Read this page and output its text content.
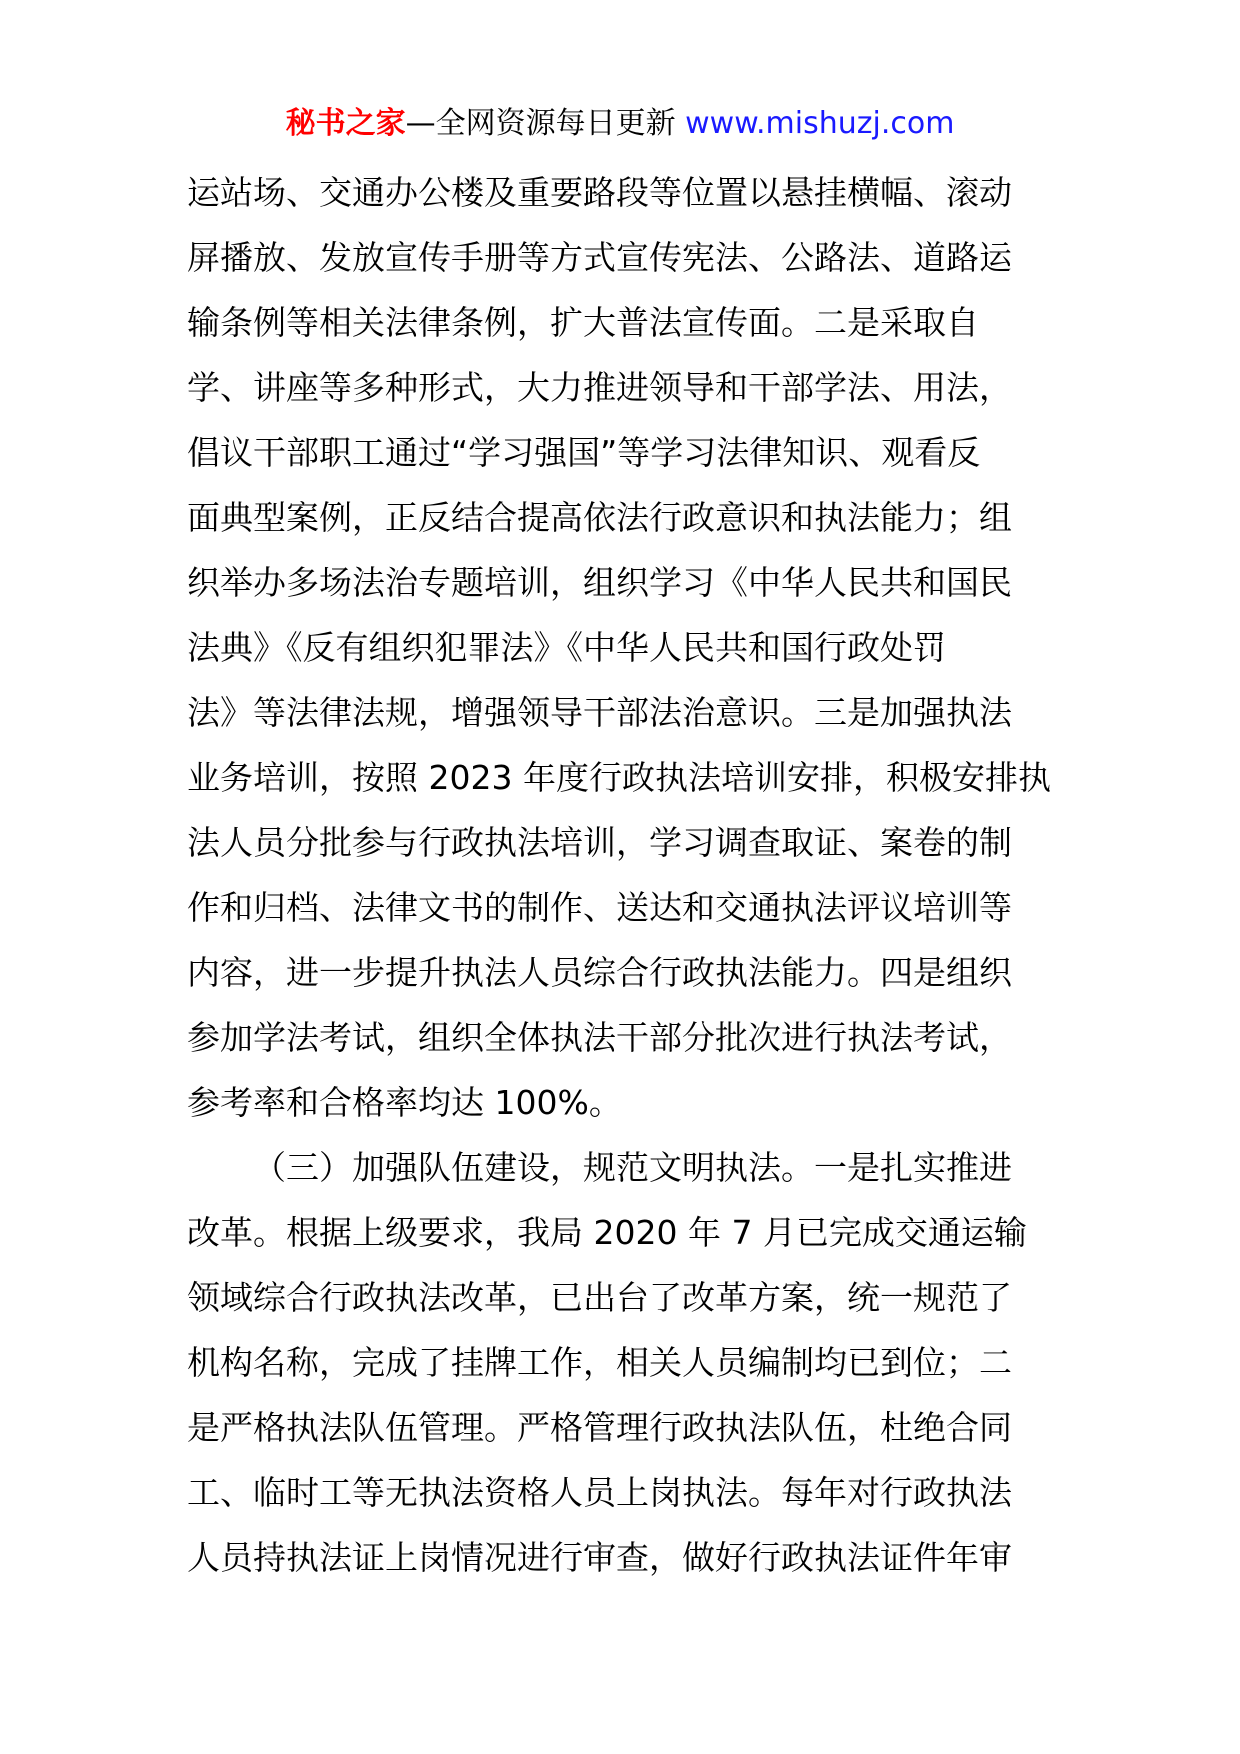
秘书之家—全网资源每日更新 www.mishuzj.com
运站场、交通办公楼及重要路段等位置以悬挂横幅、滚动
屏播放、发放宣传手册等方式宣传宪法、公路法、道路运
输条例等相关法律条例，扩大普法宣传面。二是采取自
学、讲座等多种形式，大力推进领导和干部学法、用法，
倡议干部职工通过“学习强国”等学习法律知识、观看反
面典型案例，正反结合提高依法行政意识和执法能力；组
织举办多场法治专题培训，组织学习《中华人民共和国民
法典》《反有组织犯罪法》《中华人民共和国行政处罚
法》等法律法规，增强领导干部法治意识。三是加强执法
业务培训，按照 2023 年度行政执法培训安排，积极安排执
法人员分批参与行政执法培训，学习调查取证、案卷的制
作和归档、法律文书的制作、送达和交通执法评议培训等
内容，进一步提升执法人员综合行政执法能力。四是组织
参加学法考试，组织全体执法干部分批次进行执法考试，
参考率和合格率均达 100%。
（三）加强队伍建设，规范文明执法。一是扎实推进
改革。根据上级要求，我局 2020 年 7 月已完成交通运输
领域综合行政执法改革，已出台了改革方案，统一规范了
机构名称，完成了挂牌工作，相关人员编制均已到位；二
是严格执法队伍管理。严格管理行政执法队伍，杜绝合同
工、临时工等无执法资格人员上岗执法。每年对行政执法
人员持执法证上岗情况进行审查，做好行政执法证件年审
